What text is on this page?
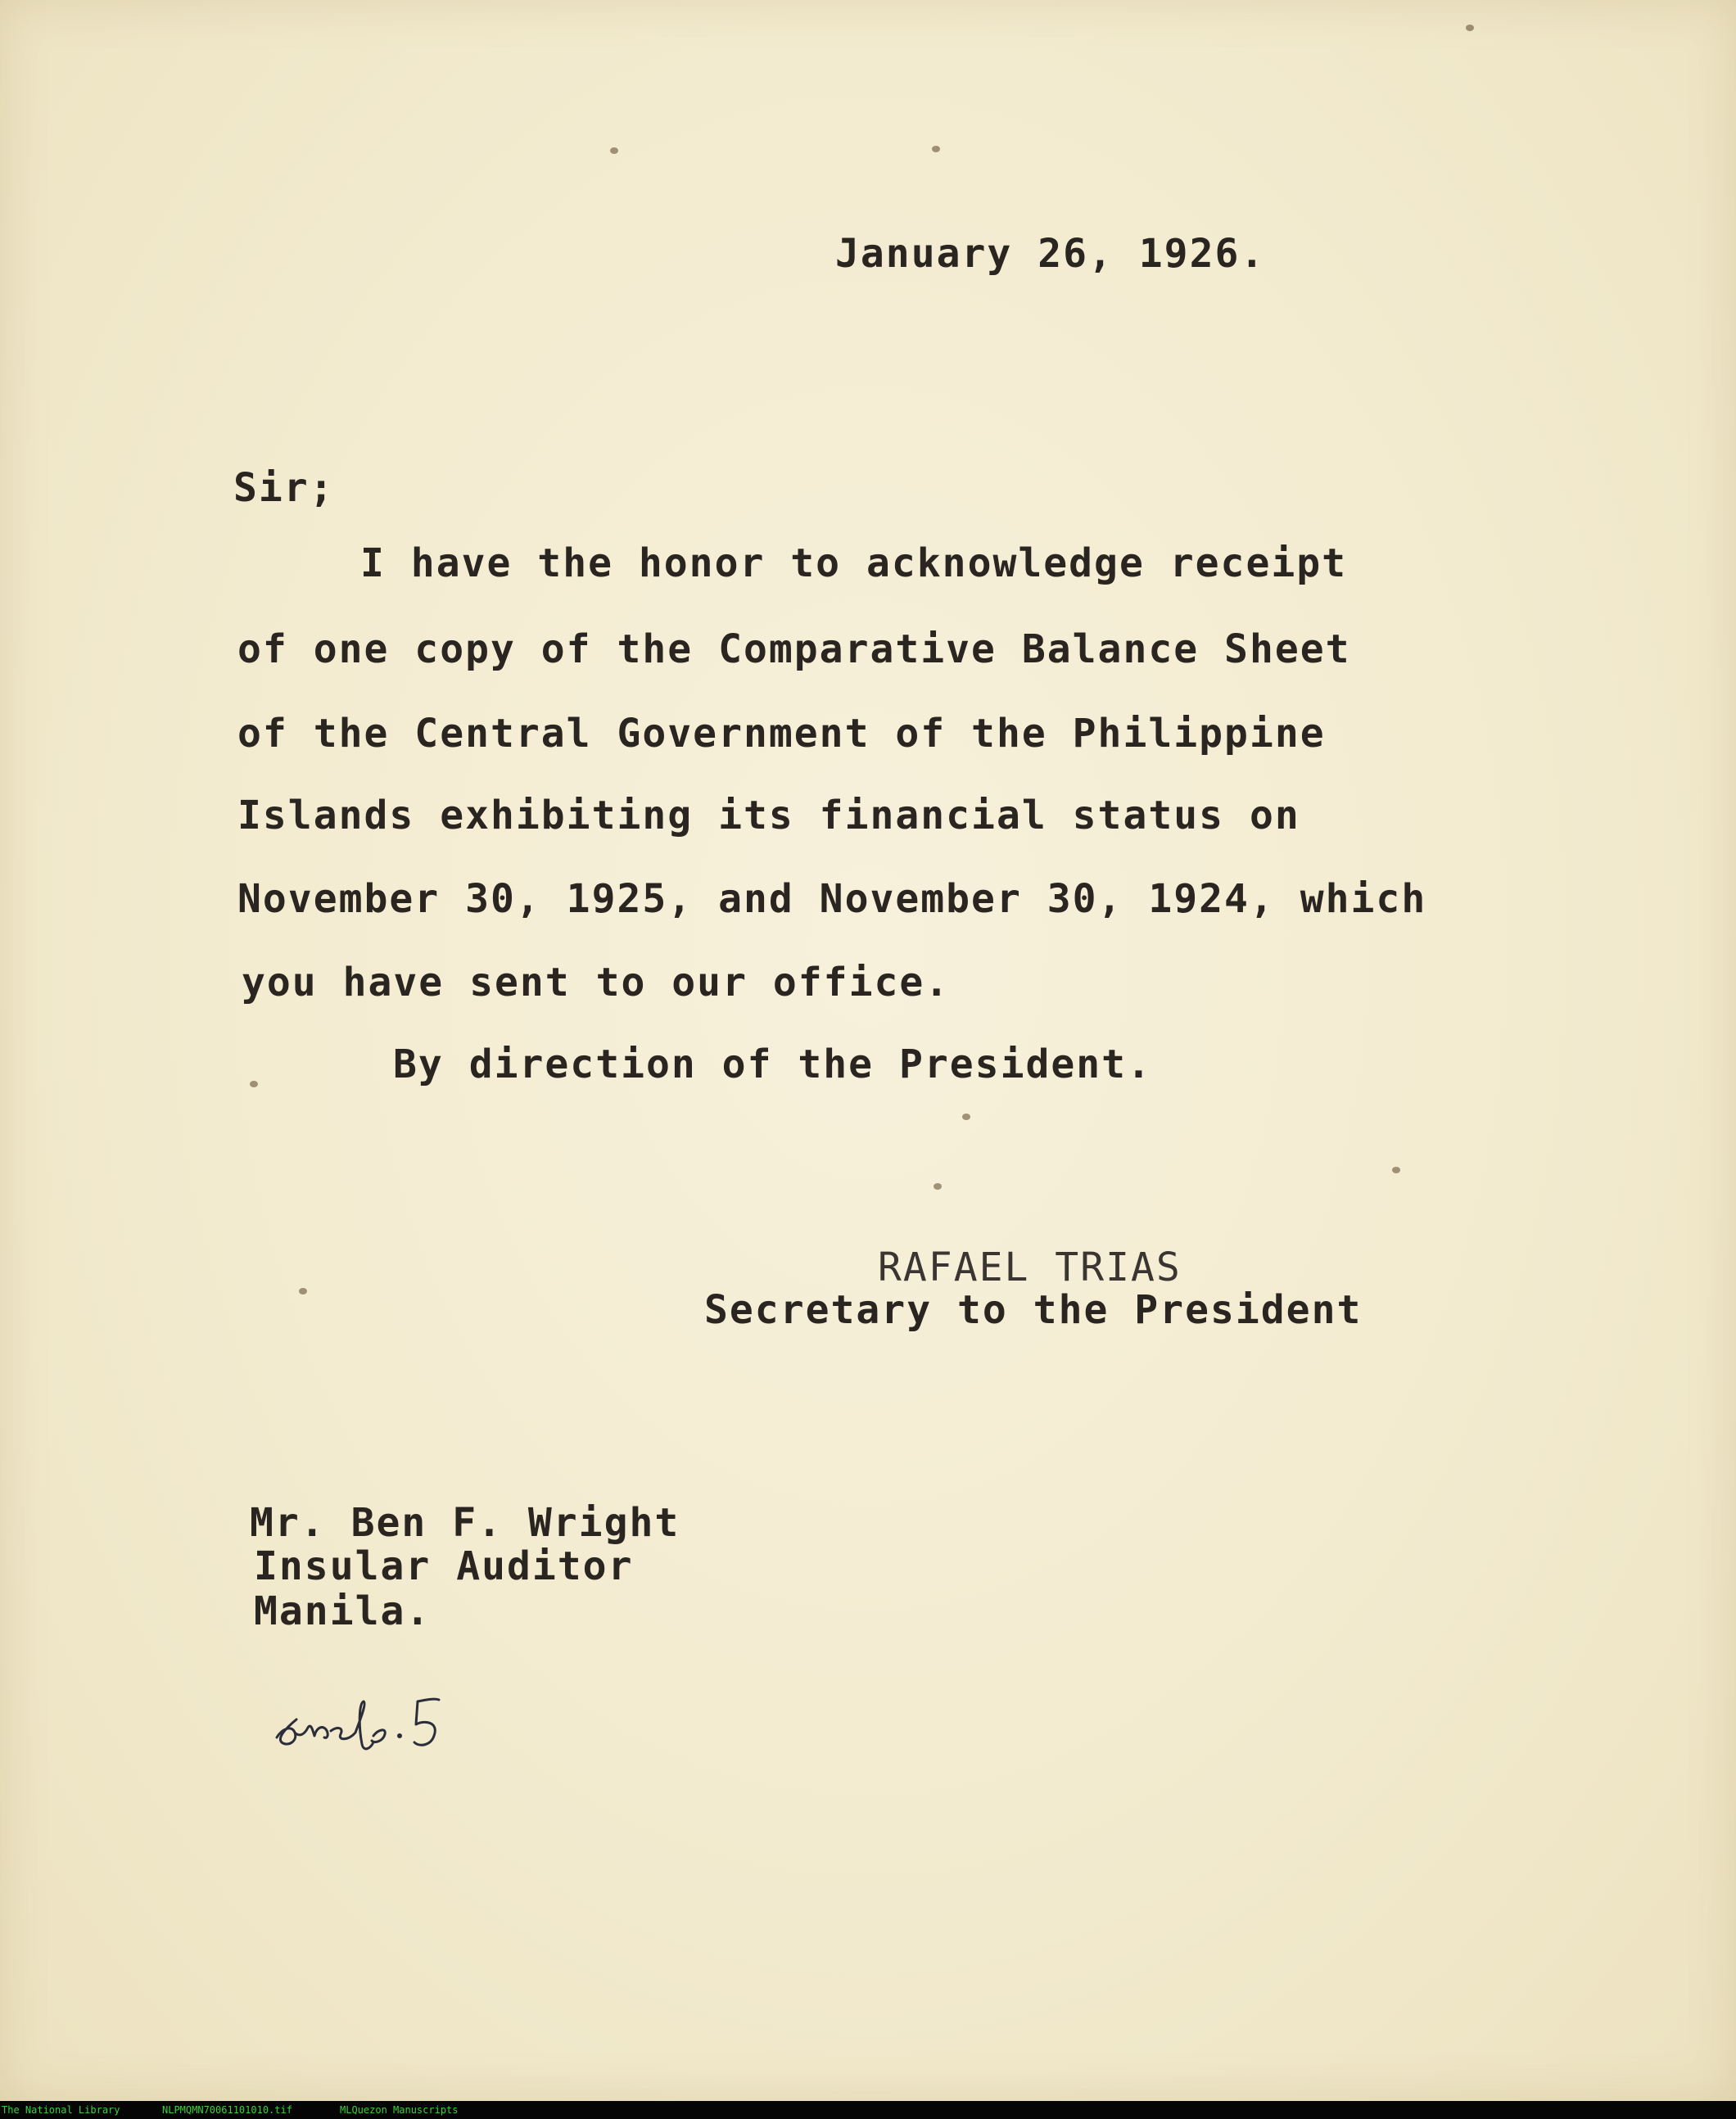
January 26, 1926.

Sir;

I have the honor to acknowledge receipt

of one copy of the Comparative Balance Sheet

of the Central Government of the Philippine

Islands exhibiting its financial status on

November 30, 1925, and November 30, 1924, which

you have sent to our office.

By direction of the President.

RAFAEL TRIAS

Secretary to the President

Mr. Ben F. Wright

Insular Auditor

Manila.

The National Library	NLPMQMN70061101010.tif	MLQuezon Manuscripts
